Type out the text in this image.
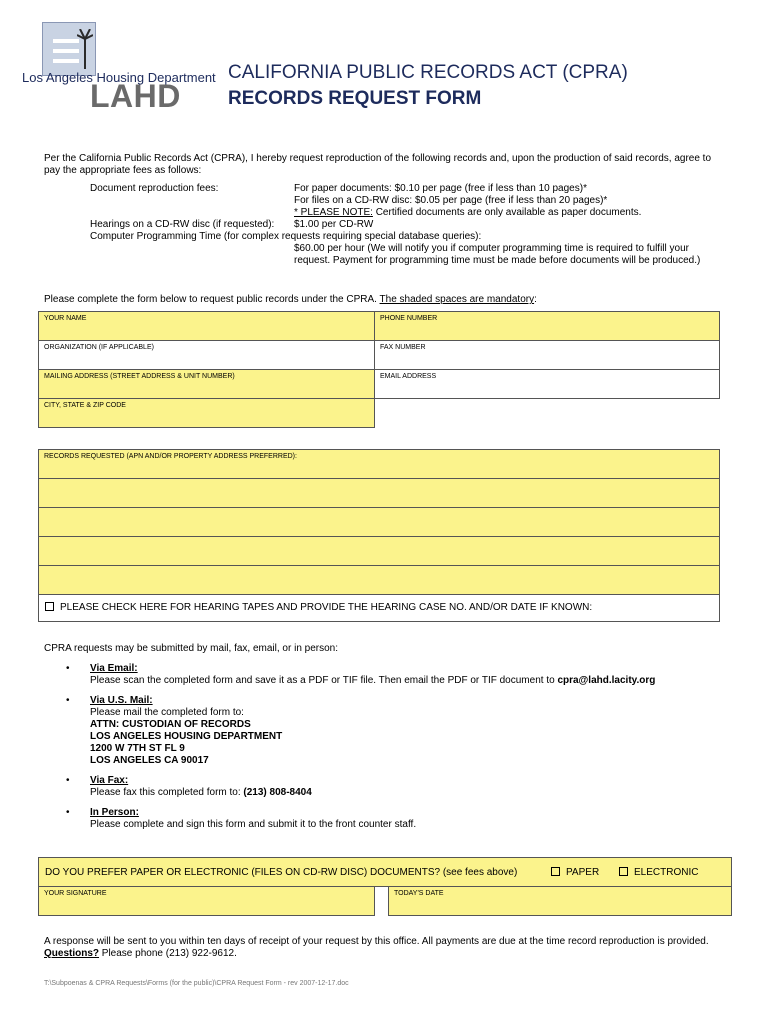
Los Angeles Housing Department
LAHD
CALIFORNIA PUBLIC RECORDS ACT (CPRA)
RECORDS REQUEST FORM
Per the California Public Records Act (CPRA), I hereby request reproduction of the following records and, upon the production of said records, agree to
pay the appropriate fees as follows:
Document reproduction fees:	For paper documents: $0.10 per page (free if less than 10 pages)*
For files on a CD-RW disc: $0.05 per page (free if less than 20 pages)*
* PLEASE NOTE: Certified documents are only available as paper documents.
Hearings on a CD-RW disc (if requested): $1.00 per CD-RW
Computer Programming Time (for complex requests requiring special database queries):
$60.00 per hour (We will notify you if computer programming time is required to fulfill your
request. Payment for programming time must be made before documents will be produced.)
Please complete the form below to request public records under the CPRA. The shaded spaces are mandatory:
YOUR NAME	PHONE NUMBER
ORGANIZATION (IF APPLICABLE)	FAX NUMBER
MAILING ADDRESS (STREET ADDRESS & UNIT NUMBER)	EMAIL ADDRESS
CITY, STATE & ZIP CODE
RECORDS REQUESTED (APN AND/OR PROPERTY ADDRESS PREFERRED):
PLEASE CHECK HERE FOR HEARING TAPES AND PROVIDE THE HEARING CASE NO. AND/OR DATE IF KNOWN:
CPRA requests may be submitted by mail, fax, email, or in person:
• Via Email:
Please scan the completed form and save it as a PDF or TIF file. Then email the PDF or TIF document to cpra@lahd.lacity.org
• Via U.S. Mail:
Please mail the completed form to:
ATTN: CUSTODIAN OF RECORDS
LOS ANGELES HOUSING DEPARTMENT
1200 W 7TH ST FL 9
LOS ANGELES CA 90017
• Via Fax:
Please fax this completed form to: (213) 808-8404
• In Person:
Please complete and sign this form and submit it to the front counter staff.
DO YOU PREFER PAPER OR ELECTRONIC (FILES ON CD-RW DISC) DOCUMENTS? (see fees above)	PAPER	ELECTRONIC
YOUR SIGNATURE	TODAY'S DATE
A response will be sent to you within ten days of receipt of your request by this office. All payments are due at the time record reproduction is provided.
Questions? Please phone (213) 922-9612.
T:\Subpoenas & CPRA Requests\Forms (for the public)\CPRA Request Form - rev 2007-12-17.doc
